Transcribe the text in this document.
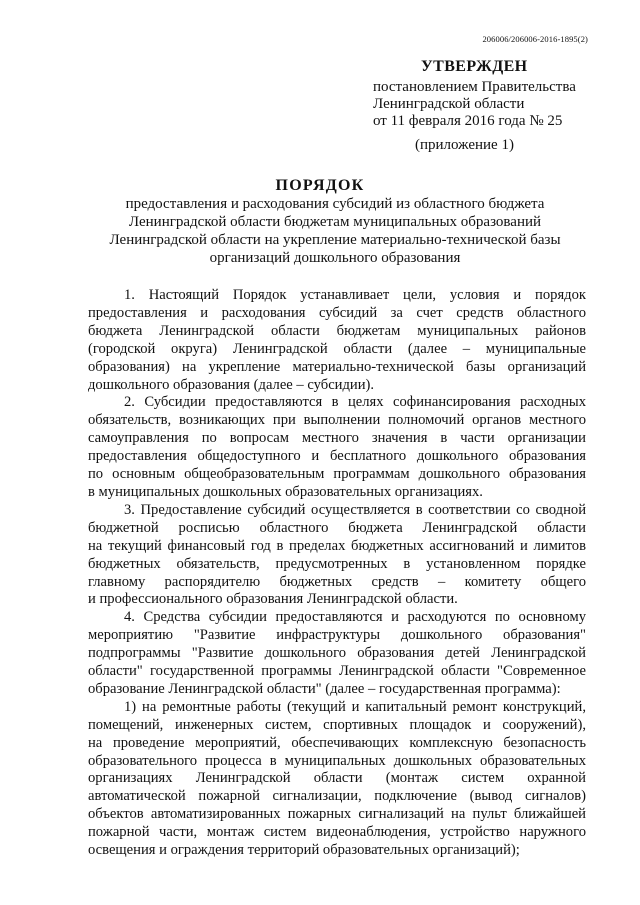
206006/206006-2016-1895(2)
УТВЕРЖДЕН
постановлением Правительства
Ленинградской области
от 11 февраля 2016 года № 25
(приложение 1)
ПОРЯДОК
предоставления и расходования субсидий из областного бюджета
Ленинградской области бюджетам муниципальных образований
Ленинградской области на укрепление материально-технической базы
организаций дошкольного образования
1. Настоящий Порядок устанавливает цели, условия и порядок
предоставления и расходования субсидий за счет средств областного
бюджета Ленинградской области бюджетам муниципальных районов
(городской округа) Ленинградской области (далее – муниципальные
образования) на укрепление материально-технической базы организаций
дошкольного образования (далее – субсидии).
2. Субсидии предоставляются в целях софинансирования расходных
обязательств, возникающих при выполнении полномочий органов местного
самоуправления по вопросам местного значения в части организации
предоставления общедоступного и бесплатного дошкольного образования
по основным общеобразовательным программам дошкольного образования
в муниципальных дошкольных образовательных организациях.
3. Предоставление субсидий осуществляется в соответствии со сводной
бюджетной росписью областного бюджета Ленинградской области
на текущий финансовый год в пределах бюджетных ассигнований и лимитов
бюджетных обязательств, предусмотренных в установленном порядке
главному распорядителю бюджетных средств – комитету общего
и профессионального образования Ленинградской области.
4. Средства субсидии предоставляются и расходуются по основному
мероприятию "Развитие инфраструктуры дошкольного образования"
подпрограммы "Развитие дошкольного образования детей Ленинградской
области" государственной программы Ленинградской области "Современное
образование Ленинградской области" (далее – государственная программа):
1) на ремонтные работы (текущий и капитальный ремонт конструкций,
помещений, инженерных систем, спортивных площадок и сооружений),
на проведение мероприятий, обеспечивающих комплексную безопасность
образовательного процесса в муниципальных дошкольных образовательных
организациях Ленинградской области (монтаж систем охранной
автоматической пожарной сигнализации, подключение (вывод сигналов)
объектов автоматизированных пожарных сигнализаций на пульт ближайшей
пожарной части, монтаж систем видеонаблюдения, устройство наружного
освещения и ограждения территорий образовательных организаций);
